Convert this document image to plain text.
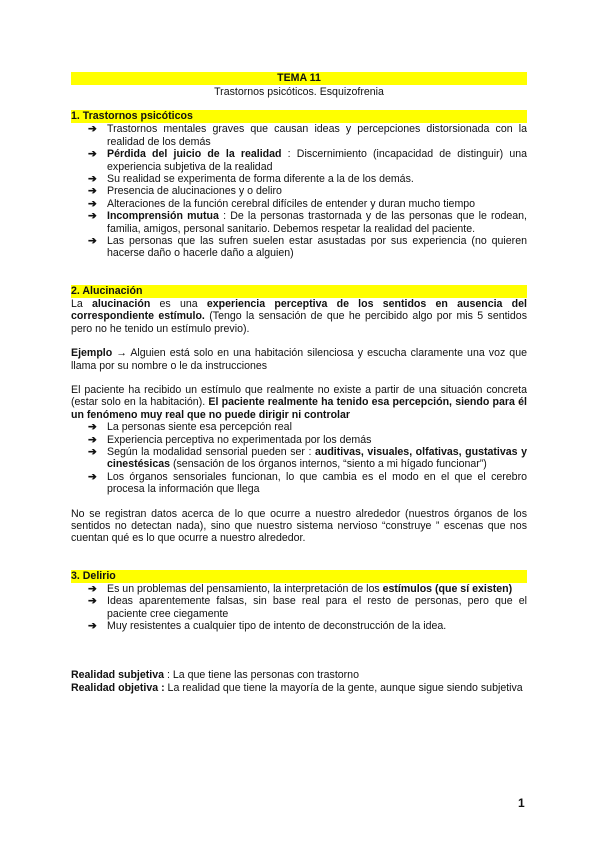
TEMA 11
Trastornos psicóticos. Esquizofrenia
1. Trastornos psicóticos
➔ Trastornos mentales graves que causan ideas y percepciones distorsionada con la realidad de los demás
➔ Pérdida del juicio de la realidad : Discernimiento (incapacidad de distinguir) una experiencia subjetiva de la realidad
➔ Su realidad se experimenta de forma diferente a la de los demás.
➔ Presencia de alucinaciones y o deliro
➔ Alteraciones de la función cerebral difíciles de entender y duran mucho tiempo
➔ Incomprensión mutua : De la personas trastornada y de las personas que le rodean, familia, amigos, personal sanitario. Debemos respetar la realidad del paciente.
➔ Las personas que las sufren suelen estar asustadas por sus experiencia (no quieren hacerse daño o hacerle daño a alguien)
2. Alucinación

La alucinación es una experiencia perceptiva de los sentidos en ausencia del correspondiente estímulo. (Tengo la sensación de que he percibido algo por mis 5 sentidos pero no he tenido un estímulo previo).

Ejemplo → Alguien está solo en una habitación silenciosa y escucha claramente una voz que llama por su nombre o le da instrucciones

El paciente ha recibido un estímulo que realmente no existe a partir de una situación concreta (estar solo en la habitación). El paciente realmente ha tenido esa percepción, siendo para él un fenómeno muy real que no puede dirigir ni controlar

➔ La personas siente esa percepción real
➔ Experiencia perceptiva no experimentada por los demás
➔ Según la modalidad sensorial pueden ser : auditivas, visuales, olfativas, gustativas y cinestésicas (sensación de los órganos internos, “siento a mi hígado funcionar”)
➔ Los órganos sensoriales funcionan, lo que cambia es el modo en el que el cerebro procesa la información que llega

No se registran datos acerca de lo que ocurre a nuestro alrededor (nuestros órganos de los sentidos no detectan nada), sino que nuestro sistema nervioso “construye ” escenas que nos cuentan qué es lo que ocurre a nuestro alrededor.

3. Delirio
➔ Es un problemas del pensamiento, la interpretación de los estímulos (que sí existen)
➔ Ideas aparentemente falsas, sin base real para el resto de personas, pero que el paciente cree ciegamente
➔ Muy resistentes a cualquier tipo de intento de deconstrucción de la idea.

Realidad subjetiva : La que tiene las personas con trastorno

Realidad objetiva : La realidad que tiene la mayoría de la gente, aunque sigue siendo subjetiva

1
